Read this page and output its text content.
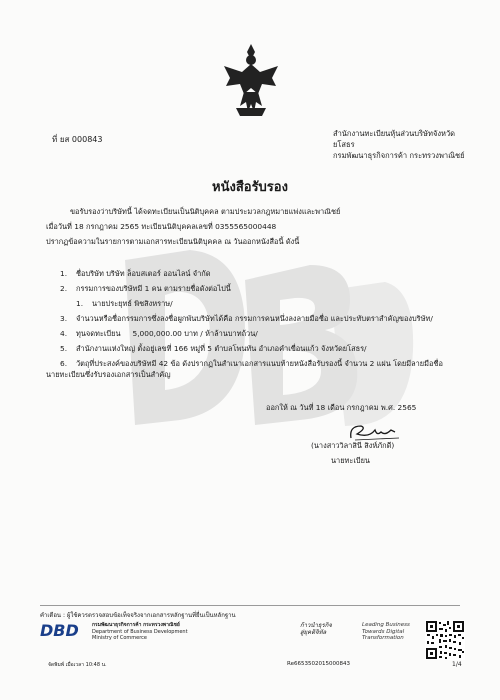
ที่ ยส 000843
สำนักงานทะเบียนหุ้นส่วนบริษัทจังหวัดยโสธร
กรมพัฒนาธุรกิจการค้า กระทรวงพาณิชย์
หนังสือรับรอง
ขอรับรองว่าบริษัทนี้ ได้จดทะเบียนเป็นนิติบุคคล ตามประมวลกฎหมายแพ่งและพาณิชย์
เมื่อวันที่ 18 กรกฎาคม 2565 ทะเบียนนิติบุคคลเลขที่ 0355565000448
ปรากฏข้อความในรายการตามเอกสารทะเบียนนิติบุคคล ณ วันออกหนังสือนี้ ดังนี้
1. ชื่อบริษัท บริษัท ล็อบสเตอร์ ออนไลน์ จำกัด
2. กรรมการของบริษัทมี 1 คน ตามรายชื่อดังต่อไปนี้
1. นายประยุทธ์ พิชสิงหราษ/
3. จำนวนหรือชื่อกรรมการซึ่งลงชื่อผูกพันบริษัทได้คือ กรรมการคนหนึ่งลงลายมือชื่อ และประทับตราสำคัญของบริษัท/
4. ทุนจดทะเบียน 5,000,000.00 บาท / ห้าล้านบาทถ้วน/
5. สำนักงานแห่งใหญ่ ตั้งอยู่เลขที่ 166 หมู่ที่ 5 ตำบลโพนทัน อำเภอคำเขื่อนแก้ว จังหวัดยโสธร/
6. วัตถุที่ประสงค์ของบริษัทมี 42 ข้อ ดังปรากฏในสำเนาเอกสารแนบท้ายหนังสือรับรองนี้ จำนวน 2 แผ่น โดยมีลายมือชื่อ
นายทะเบียนซึ่งรับรองเอกสารเป็นสำคัญ
ออกให้ ณ วันที่ 18 เดือน กรกฎาคม พ.ศ. 2565
(นางสาววิลาสินี สิงห์ภักดี)
นายทะเบียน
คำเตือน : ผู้ใช้ควรตรวจสอบข้อเท็จจริงจากเอกสารหลักฐานที่ยื่นเป็นหลักฐาน
DBD	กรมพัฒนาธุรกิจการค้า กระทรวงพาณิชย์
Department of Business Development
Ministry of Commerce
ก้าวนำธุรกิจ
สู่ยุคดิจิทัล
Leading Business
Towards Digital
Transformation
จัดพิมพ์ เมื่อเวลา 10:48 น.	Re6653502015000843	1/4
